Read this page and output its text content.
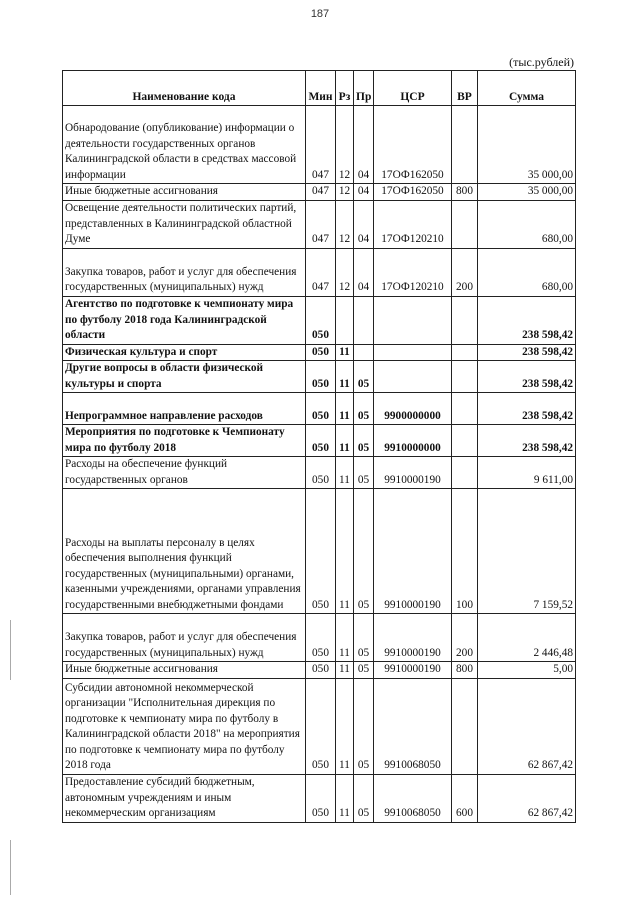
187
(тыс.рублей)
Наименование кода	Мин	Рз	Пр	ЦСР	ВР	Сумма
Обнародование (опубликование) информации о деятельности государственных органов Калининградской области в средствах массовой информации	047	12	04	17ОФ162050		35 000,00
Иные бюджетные ассигнования	047	12	04	17ОФ162050	800	35 000,00
Освещение деятельности политических партий, представленных в Калининградской областной Думе	047	12	04	17ОФ120210		680,00
Закупка товаров, работ и услуг для обеспечения государственных (муниципальных) нужд	047	12	04	17ОФ120210	200	680,00
Агентство по подготовке к чемпионату мира по футболу 2018 года Калининградской области	050					238 598,42
Физическая культура и спорт	050	11				238 598,42
Другие вопросы в области физической культуры и спорта	050	11	05			238 598,42
Непрограммное направление расходов	050	11	05	9900000000		238 598,42
Мероприятия по подготовке к Чемпионату мира по футболу 2018	050	11	05	9910000000		238 598,42
Расходы на обеспечение функций государственных органов	050	11	05	9910000190		9 611,00
Расходы на выплаты персоналу в целях обеспечения выполнения функций государственных (муниципальными) органами, казенными учреждениями, органами управления государственными внебюджетными фондами	050	11	05	9910000190	100	7 159,52
Закупка товаров, работ и услуг для обеспечения государственных (муниципальных) нужд	050	11	05	9910000190	200	2 446,48
Иные бюджетные ассигнования	050	11	05	9910000190	800	5,00
Субсидии автономной некоммерческой организации "Исполнительная дирекция по подготовке к чемпионату мира по футболу в Калининградской области 2018" на мероприятия по подготовке к чемпионату мира по футболу 2018 года	050	11	05	9910068050		62 867,42
Предоставление субсидий бюджетным, автономным учреждениям и иным некоммерческим организациям	050	11	05	9910068050	600	62 867,42
